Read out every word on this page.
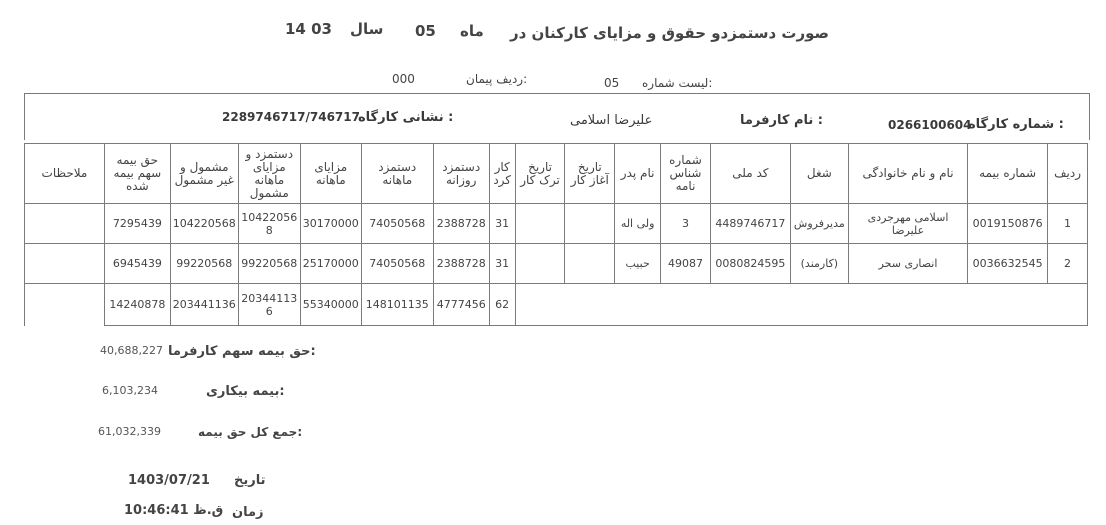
صورت دستمزدو حقوق و مزایای کارکنان در
ماه
05
سال
14 03
لیست شماره:
05
ردیف پیمان:
000
0266100604
شماره کارگاه :
نام کارفرما :
علیرضا اسلامی
نشانی کارگاه :
2289746717/746717
ردیف	شماره بیمه	نام و نام خانوادگی	شغل	کد ملی	شماره شناس نامه	نام پدر	تاریخ آغاز کار	تاریخ ترک کار	کار کرد	دستمزد روزانه	دستمزد ماهانه	مزایای ماهانه	دستمزد و مزایای ماهانه مشمول	مشمول و غیر مشمول	حق بیمه سهم بیمه شده	ملاحظات
1	0019150876	اسلامی مهرجردی علیرضا	مدیرفروش	4489746717	3	ولی اله			31	2388728	74050568	30170000	104220568	104220568	7295439	
2	0036632545	انصاری سحر	(کارمند)	0080824595	49087	حبیب			31	2388728	74050568	25170000	99220568	99220568	6945439	
									62	4777456	148101135	55340000	203441136	203441136	14240878	
حق بیمه سهم کارفرما:
40,688,227
بیمه بیکاری:
6,103,234
جمع کل حق بیمه:
61,032,339
تاریخ
1403/07/21
زمان
ق.ظ 10:46:41
